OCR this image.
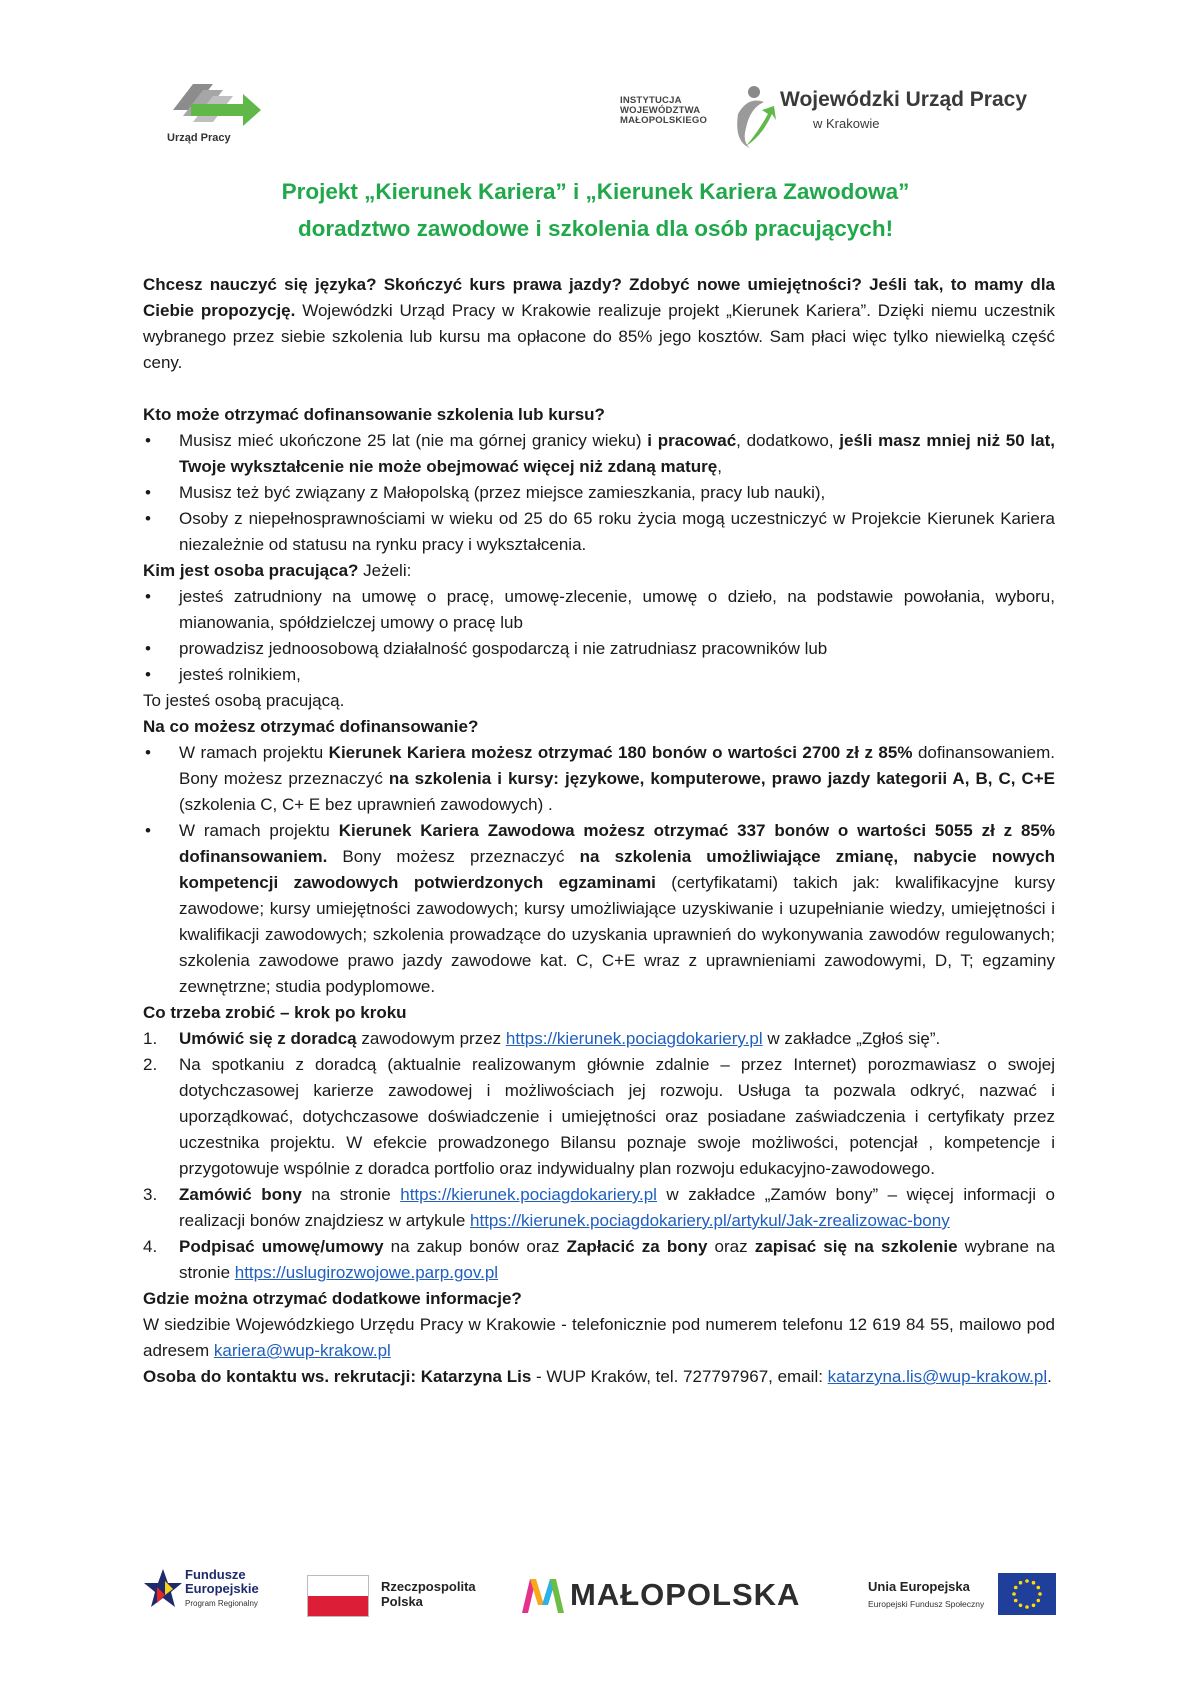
Urząd Pracy
INSTYTUCJA
WOJEWÓDZTWA
MAŁOPOLSKIEGO
Wojewódzki Urząd Pracy
w Krakowie
Projekt „Kierunek Kariera” i „Kierunek Kariera Zawodowa”
doradztwo zawodowe i szkolenia dla osób pracujących!

Chcesz nauczyć się języka? Skończyć kurs prawa jazdy? Zdobyć nowe umiejętności? Jeśli tak, to mamy dla Ciebie propozycję. Wojewódzki Urząd Pracy w Krakowie realizuje projekt „Kierunek Kariera”. Dzięki niemu uczestnik wybranego przez siebie szkolenia lub kursu ma opłacone do 85% jego kosztów. Sam płaci więc tylko niewielką część ceny.

Kto może otrzymać dofinansowanie szkolenia lub kursu?

• Musisz mieć ukończone 25 lat (nie ma górnej granicy wieku) i pracować, dodatkowo, jeśli masz mniej niż 50 lat, Twoje wykształcenie nie może obejmować więcej niż zdaną maturę,
• Musisz też być związany z Małopolską (przez miejsce zamieszkania, pracy lub nauki),
• Osoby z niepełnosprawnościami w wieku od 25 do 65 roku życia mogą uczestniczyć w Projekcie Kierunek Kariera niezależnie od statusu na rynku pracy i wykształcenia.

Kim jest osoba pracująca? Jeżeli:

• jesteś zatrudniony na umowę o pracę, umowę-zlecenie, umowę o dzieło, na podstawie powołania, wyboru, mianowania, spółdzielczej umowy o pracę lub
• prowadzisz jednoosobową działalność gospodarczą i nie zatrudniasz pracowników lub
• jesteś rolnikiem,

To jesteś osobą pracującą.

Na co możesz otrzymać dofinansowanie?

• W ramach projektu Kierunek Kariera możesz otrzymać 180 bonów o wartości 2700 zł z 85% dofinansowaniem. Bony możesz przeznaczyć na szkolenia i kursy: językowe, komputerowe, prawo jazdy kategorii A, B, C, C+E (szkolenia C, C+ E bez uprawnień zawodowych) .
• W ramach projektu Kierunek Kariera Zawodowa możesz otrzymać 337 bonów o wartości 5055 zł z 85% dofinansowaniem. Bony możesz przeznaczyć na szkolenia umożliwiające zmianę, nabycie nowych kompetencji zawodowych potwierdzonych egzaminami (certyfikatami) takich jak: kwalifikacyjne kursy zawodowe; kursy umiejętności zawodowych; kursy umożliwiające uzyskiwanie i uzupełnianie wiedzy, umiejętności i kwalifikacji zawodowych; szkolenia prowadzące do uzyskania uprawnień do wykonywania zawodów regulowanych; szkolenia zawodowe prawo jazdy zawodowe kat. C, C+E wraz z uprawnieniami zawodowymi, D, T; egzaminy zewnętrzne; studia podyplomowe.

Co trzeba zrobić – krok po kroku

1. Umówić się z doradcą zawodowym przez https://kierunek.pociagdokariery.pl w zakładce „Zgłoś się”.
2. Na spotkaniu z doradcą (aktualnie realizowanym głównie zdalnie – przez Internet) porozmawiasz o swojej dotychczasowej karierze zawodowej i możliwościach jej rozwoju. Usługa ta pozwala odkryć, nazwać i uporządkować, dotychczasowe doświadczenie i umiejętności oraz posiadane zaświadczenia i certyfikaty przez uczestnika projektu. W efekcie prowadzonego Bilansu poznaje swoje możliwości, potencjał , kompetencje i przygotowuje wspólnie z doradca portfolio oraz indywidualny plan rozwoju edukacyjno-zawodowego.
3. Zamówić bony na stronie https://kierunek.pociagdokariery.pl w zakładce „Zamów bony” – więcej informacji o realizacji bonów znajdziesz w artykule https://kierunek.pociagdokariery.pl/artykul/Jak-zrealizowac-bony
4. Podpisać umowę/umowy na zakup bonów oraz Zapłacić za bony oraz zapisać się na szkolenie wybrane na stronie https://uslugirozwojowe.parp.gov.pl

Gdzie można otrzymać dodatkowe informacje?

W siedzibie Wojewódzkiego Urzędu Pracy w Krakowie - telefonicznie pod numerem telefonu 12 619 84 55, mailowo pod adresem kariera@wup-krakow.pl

Osoba do kontaktu ws. rekrutacji: Katarzyna Lis - WUP Kraków, tel. 727797967, email: katarzyna.lis@wup-krakow.pl.

Fundusze
Europejskie
Program Regionalny
Rzeczpospolita
Polska	MAŁOPOLSKA	Unia Europejska
Europejski Fundusz Społeczny
